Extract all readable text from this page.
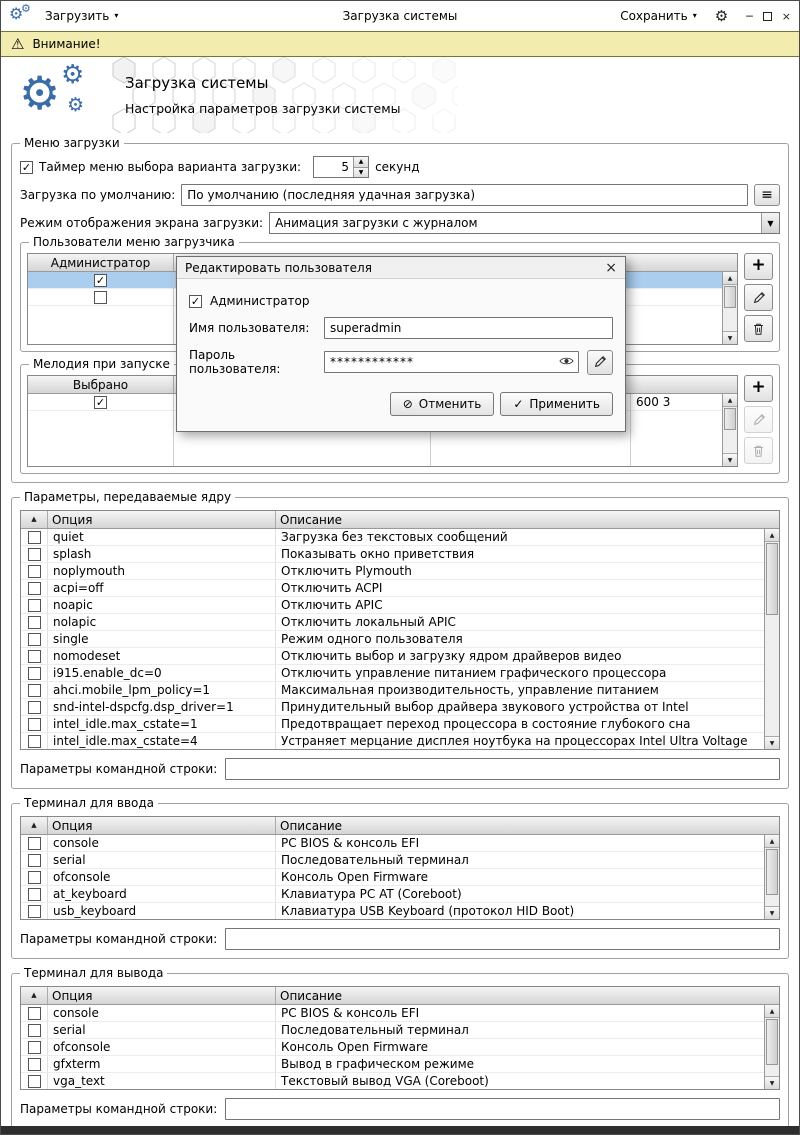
⚙
⚙
Загрузить ▾	Загрузка системы	Сохранить ▾ ⚙ ─	×
⚠ Внимание!
⚙ ⚙
⚙
Загрузка системы
Настройка параметров загрузки системы
Меню загрузки
✓
Таймер меню выбора варианта загрузки:	5	▲
▼ секунд
Загрузка по умолчанию:
По умолчанию (последняя удачная загрузка)	≡
Режим отображения экрана загрузки:	Анимация загрузки с журналом	▼
Пользователи меню загрузчика
Администратор
✓
▲
▼
+
Мелодия при запуске
Выбрано
✓
600 3	▲
▼
+
Параметры, передаваемые ядру
▲	Опция	Описание
quiet	Загрузка без текстовых сообщений
splash	Показывать окно приветствия
noplymouth	Отключить Plymouth
acpi=off	Отключить ACPI
noapic	Отключить APIC
nolapic	Отключить локальный APIC
single	Режим одного пользователя
nomodeset	Отключить выбор и загрузку ядром драйверов видео
i915.enable_dc=0	Отключить управление питанием графического процессора
ahci.mobile_lpm_policy=1	Максимальная производительность, управление питанием
snd-intel-dspcfg.dsp_driver=1	Принудительный выбор драйвера звукового устройства от Intel
intel_idle.max_cstate=1	Предотвращает переход процессора в состояние глубокого сна
intel_idle.max_cstate=4	Устраняет мерцание дисплея ноутбука на процессорах Intel Ultra Voltage
▲
▼
Параметры командной строки:
Терминал для ввода
▲	Опция	Описание
console	PC BIOS & консоль EFI
serial	Последовательный терминал
ofconsole	Консоль Open Firmware
at_keyboard	Клавиатура PC AT (Coreboot)
usb_keyboard	Клавиатура USB Keyboard (протокол HID Boot)
▲
▼
Параметры командной строки:
Терминал для вывода
▲	Опция	Описание
console	PC BIOS & консоль EFI
serial	Последовательный терминал
ofconsole	Консоль Open Firmware
gfxterm	Вывод в графическом режиме
vga_text	Текстовый вывод VGA (Coreboot)
▲
▼
Параметры командной строки:
Редактировать пользователя	×
✓
Администратор
Имя пользователя:
superadmin
Пароль пользователя:
************
⊘ Отменить	✓ Применить
